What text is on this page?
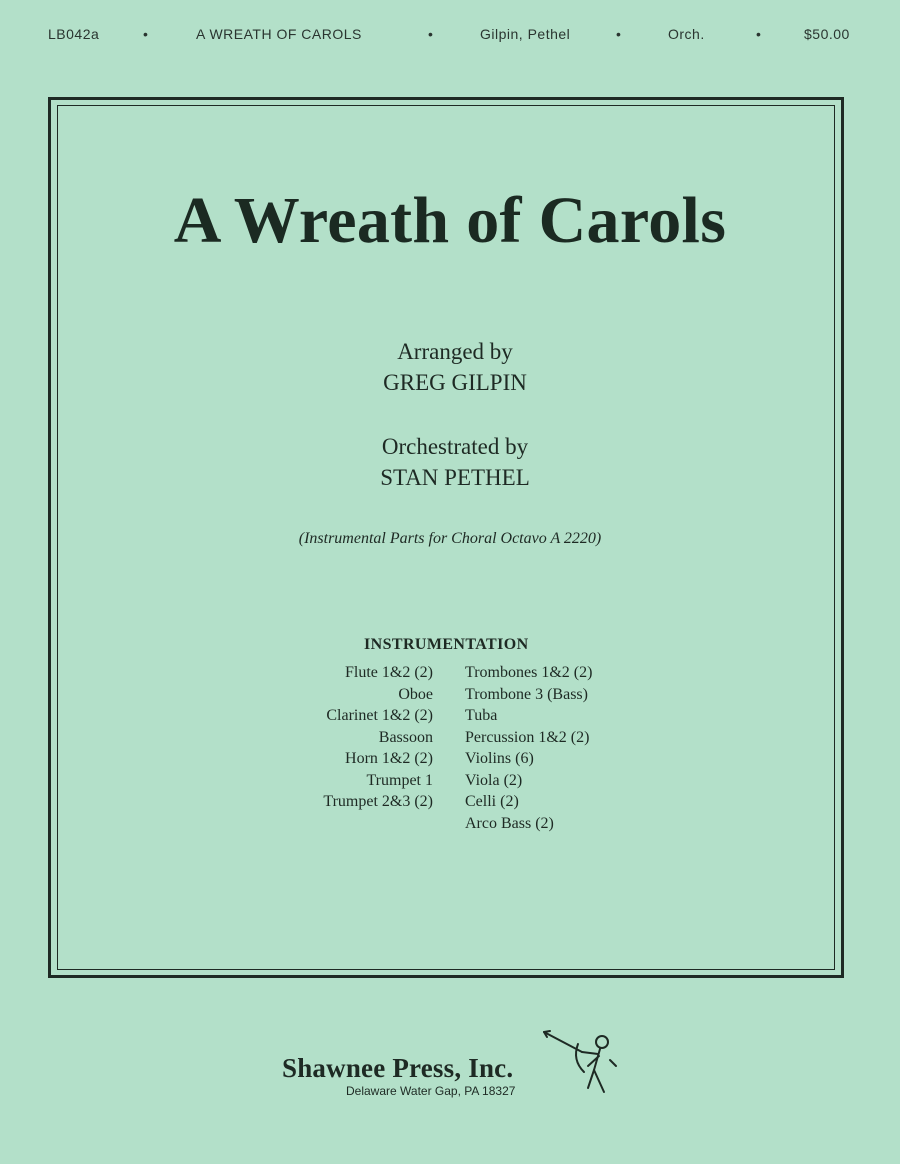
LB042a	•	A WREATH OF CAROLS	•	Gilpin, Pethel	•	Orch.	•	$50.00
A Wreath of Carols
Arranged by
GREG GILPIN
Orchestrated by
STAN PETHEL
(Instrumental Parts for Choral Octavo A 2220)
INSTRUMENTATION
Flute 1&2 (2)
Oboe
Clarinet 1&2 (2)
Bassoon
Horn 1&2 (2)
Trumpet 1
Trumpet 2&3 (2)
Trombones 1&2 (2)
Trombone 3 (Bass)
Tuba
Percussion 1&2 (2)
Violins (6)
Viola (2)
Celli (2)
Arco Bass (2)
Shawnee Press, Inc.
Delaware Water Gap, PA 18327
